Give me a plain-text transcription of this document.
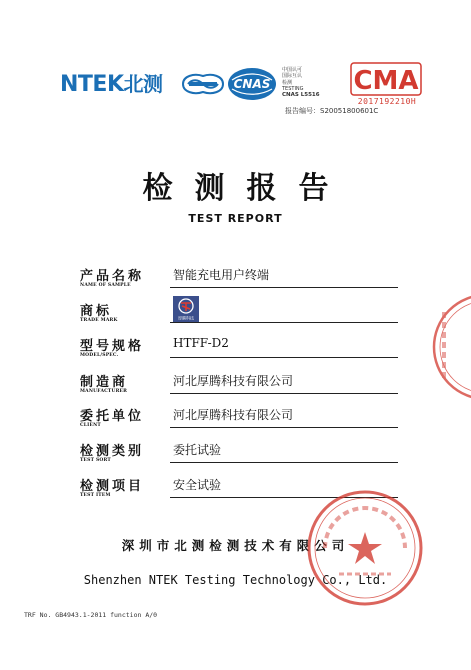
NTEK北测	CNAS
中国认可
国际互认
检测
TESTING
CNAS L5516
报告编号：S20051800601C
CMA
2017192210H
检测报告
TEST REPORT
产品名称
NAME OF SAMPLE
智能充电用户终端
商标
TRADE MARK	厚腾科技
型号规格
MODEL/SPEC.
HTFF-D2
制造商
MANUFACTURER
河北厚腾科技有限公司
委托单位
CLIENT
河北厚腾科技有限公司
检测类别
TEST SORT
委托试验
检测项目
TEST ITEM
安全试验
深圳市北测检测技术有限公司
Shenzhen NTEK Testing Technology Co., Ltd.
TRF No. GB4943.1-2011 function A/0
